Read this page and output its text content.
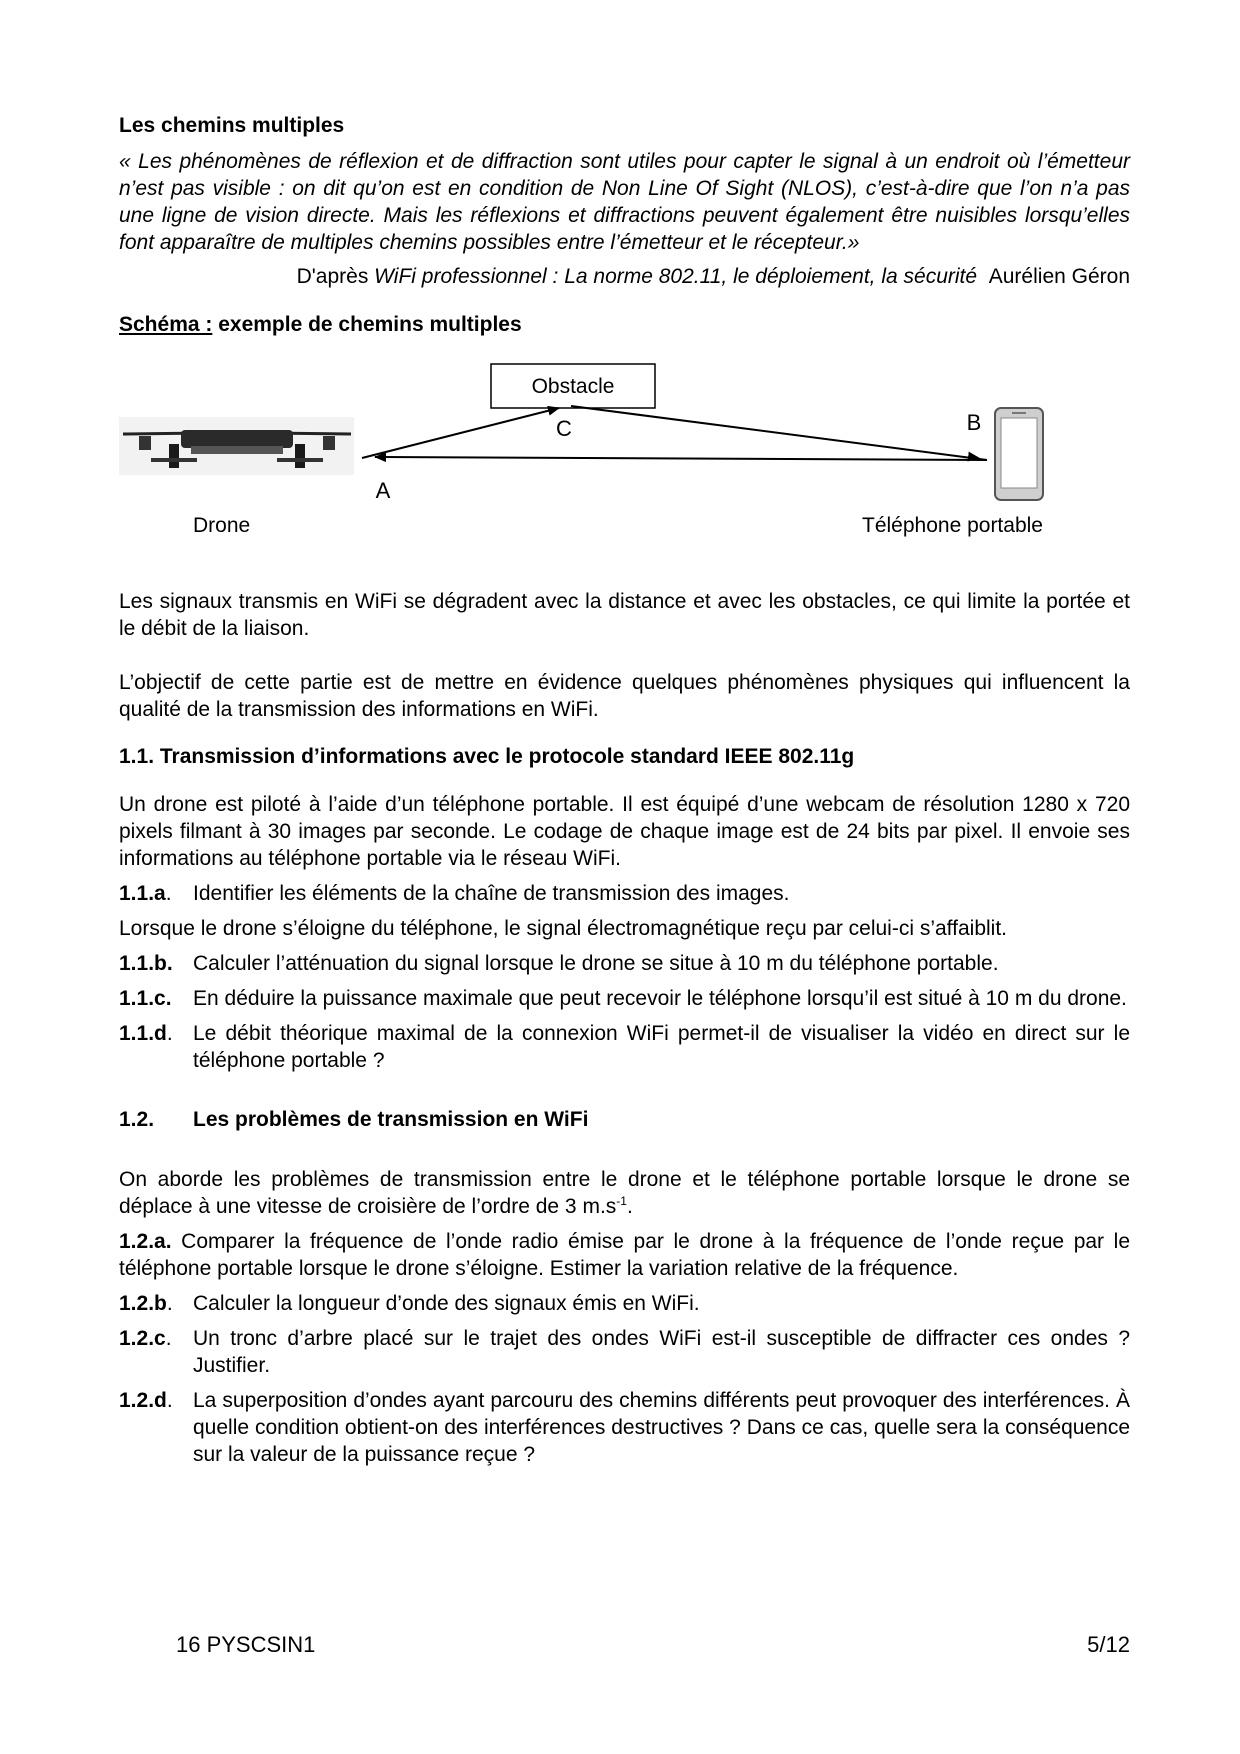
Les chemins multiples
« Les phénomènes de réflexion et de diffraction sont utiles pour capter le signal à un endroit où l’émetteur n’est pas visible : on dit qu’on est en condition de Non Line Of Sight (NLOS), c’est-à-dire que l’on n’a pas une ligne de vision directe. Mais les réflexions et diffractions peuvent également être nuisibles lorsqu’elles font apparaître de multiples chemins possibles entre l’émetteur et le récepteur.»
D'après WiFi professionnel : La norme 802.11, le déploiement, la sécurité Aurélien Géron
Schéma : exemple de chemins multiples
Obstacle
C	B
A
Drone	Téléphone portable
Les signaux transmis en WiFi se dégradent avec la distance et avec les obstacles, ce qui limite la portée et le débit de la liaison.
L’objectif de cette partie est de mettre en évidence quelques phénomènes physiques qui influencent la qualité de la transmission des informations en WiFi.
1.1. Transmission d’informations avec le protocole standard IEEE 802.11g
Un drone est piloté à l’aide d’un téléphone portable. Il est équipé d’une webcam de résolution 1280 x 720 pixels filmant à 30 images par seconde. Le codage de chaque image est de 24 bits par pixel. Il envoie ses informations au téléphone portable via le réseau WiFi.
1.1.a.	Identifier les éléments de la chaîne de transmission des images.
Lorsque le drone s’éloigne du téléphone, le signal électromagnétique reçu par celui-ci s’affaiblit.
1.1.b. Calculer l’atténuation du signal lorsque le drone se situe à 10 m du téléphone portable.
1.1.c.	En déduire la puissance maximale que peut recevoir le téléphone lorsqu’il est situé à 10 m du drone.
1.1.d. Le débit théorique maximal de la connexion WiFi permet-il de visualiser la vidéo en direct sur le téléphone portable ?
1.2.	Les problèmes de transmission en WiFi
On aborde les problèmes de transmission entre le drone et le téléphone portable lorsque le drone se déplace à une vitesse de croisière de l’ordre de 3 $m.s^{-1}$.
1.2.a. Comparer la fréquence de l’onde radio émise par le drone à la fréquence de l’onde reçue par le téléphone portable lorsque le drone s’éloigne. Estimer la variation relative de la fréquence.
1.2.b. Calculer la longueur d’onde des signaux émis en WiFi.
1.2.c.	Un tronc d’arbre placé sur le trajet des ondes WiFi est-il susceptible de diffracter ces ondes ? Justifier.
1.2.d. La superposition d’ondes ayant parcouru des chemins différents peut provoquer des interférences. À quelle condition obtient-on des interférences destructives ? Dans ce cas, quelle sera la conséquence sur la valeur de la puissance reçue ?
16 PYSCSIN1	5/12
